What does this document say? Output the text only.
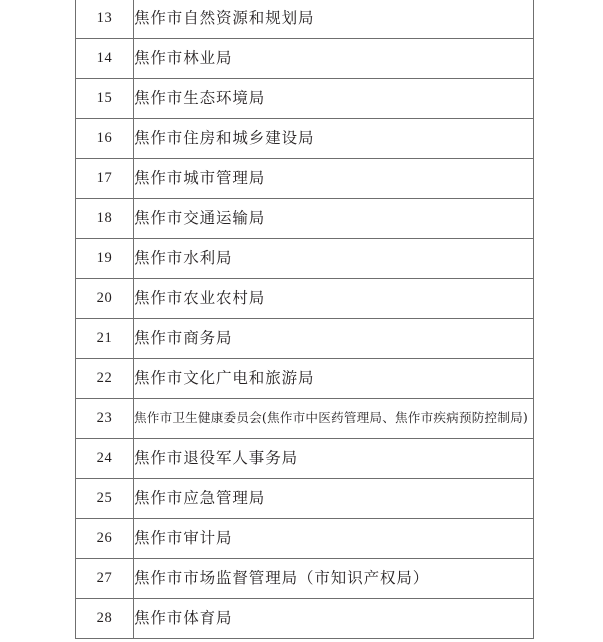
13	焦作市自然资源和规划局
14	焦作市林业局
15	焦作市生态环境局
16	焦作市住房和城乡建设局
17	焦作市城市管理局
18	焦作市交通运输局
19	焦作市水利局
20	焦作市农业农村局
21	焦作市商务局
22	焦作市文化广电和旅游局
23	焦作市卫生健康委员会(焦作市中医药管理局、焦作市疾病预防控制局)
24	焦作市退役军人事务局
25	焦作市应急管理局
26	焦作市审计局
27	焦作市市场监督管理局（市知识产权局）
28	焦作市体育局
